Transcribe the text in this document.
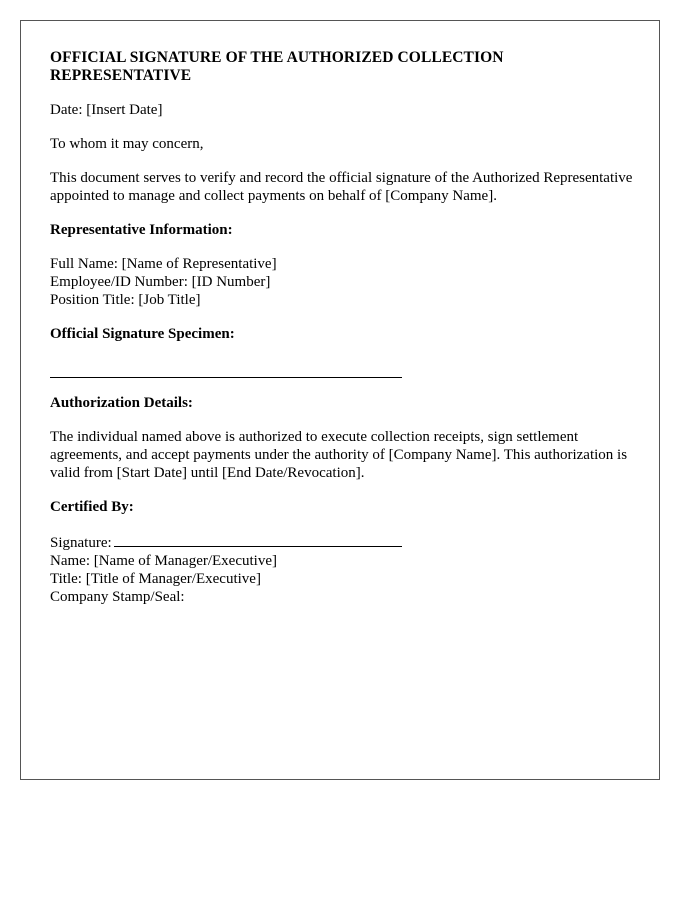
OFFICIAL SIGNATURE OF THE AUTHORIZED COLLECTION REPRESENTATIVE

Date: [Insert Date]

To whom it may concern,

This document serves to verify and record the official signature of the Authorized Representative appointed to manage and collect payments on behalf of [Company Name].

Representative Information:
Full Name: [Name of Representative]
Employee/ID Number: [ID Number]
Position Title: [Job Title]
Official Signature Specimen:
Authorization Details:

The individual named above is authorized to execute collection receipts, sign settlement agreements, and accept payments under the authority of [Company Name]. This authorization is valid from [Start Date] until [End Date/Revocation].

Certified By:
Signature:
Name: [Name of Manager/Executive]
Title: [Title of Manager/Executive]
Company Stamp/Seal:
